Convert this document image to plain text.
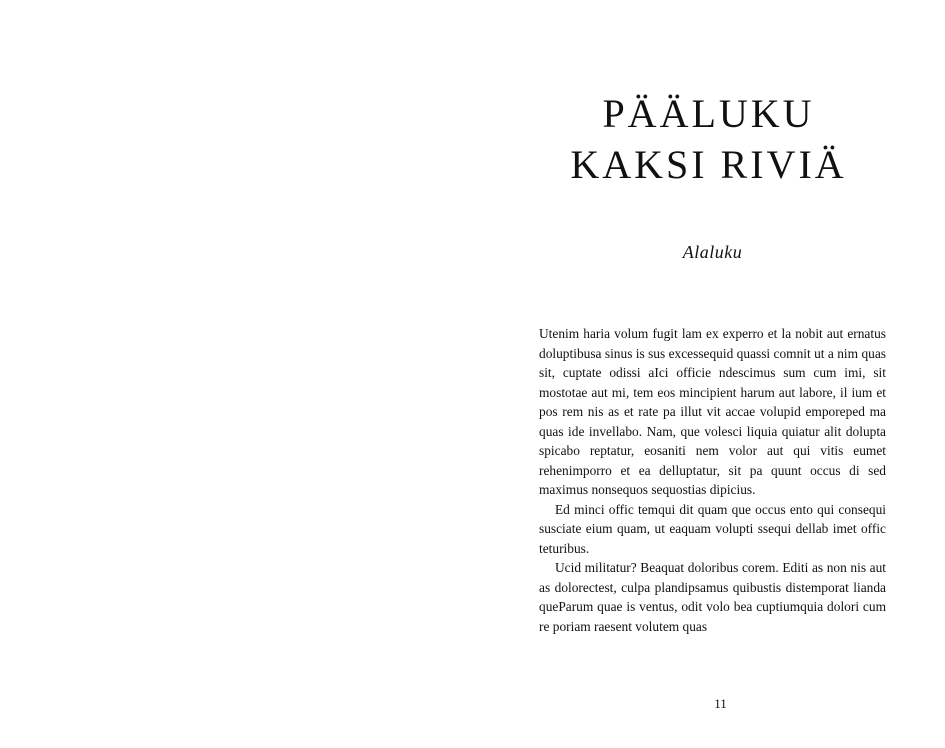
PÄÄLUKU
KAKSI RIVIÄ
Alaluku

Utenim haria volum fugit lam ex experro et la nobit aut ernatus doluptibusa sinus is sus excessequid quassi comnit ut a nim quas sit, cuptate odissi aIci officie ndescimus sum cum imi, sit mostotae aut mi, tem eos mincipient harum aut labore, il ium et pos rem nis as et rate pa illut vit accae volupid emporeped ma quas ide invellabo. Nam, que volesci liquia quiatur alit dolupta spicabo reptatur, eosaniti nem volor aut qui vitis eumet rehenimporro et ea delluptatur, sit pa quunt occus di sed maximus nonsequos sequostias dipicius.

Ed minci offic temqui dit quam que occus ento qui consequi susciate eium quam, ut eaquam volupti ssequi dellab imet offic teturibus.

Ucid militatur? Beaquat doloribus corem. Editi as non nis aut as dolorectest, culpa plandipsamus quibustis distemporat lianda queParum quae is ventus, odit volo bea cuptiumquia dolori cum re poriam raesent volutem quas

11
